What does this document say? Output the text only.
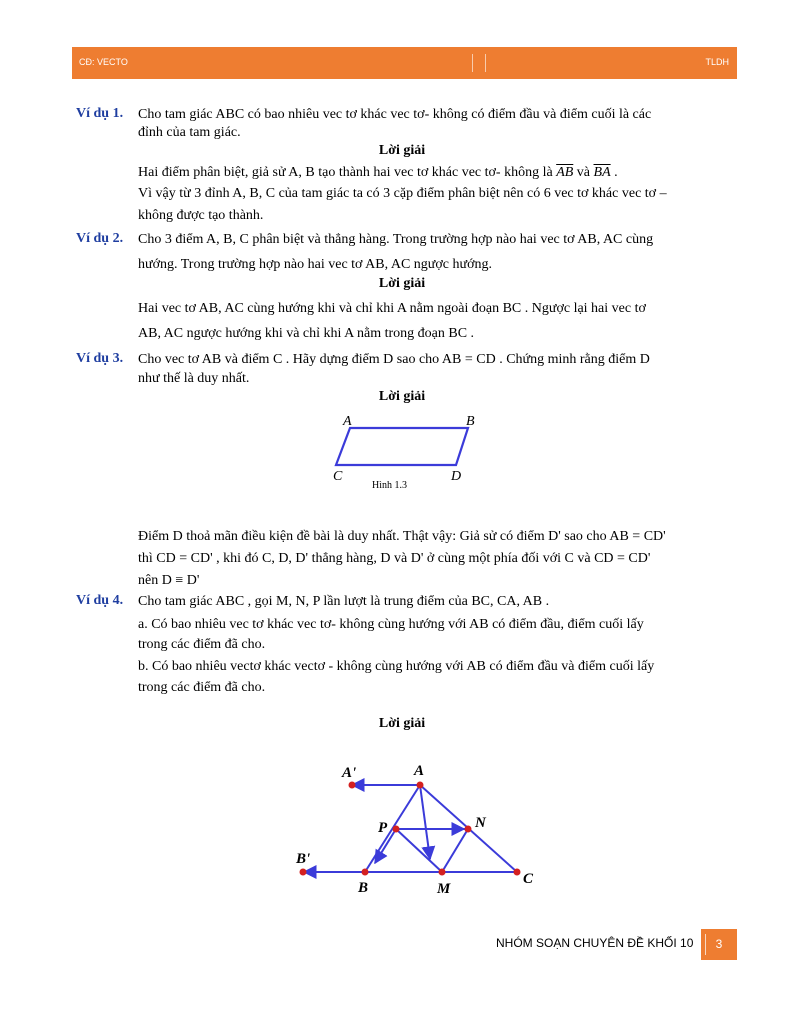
CĐ: VECTO	TLDH
Ví dụ 1. Cho tam giác ABC có bao nhiêu vec tơ khác vec tơ- không có điểm đầu và điểm cuối là các
đỉnh của tam giác.
Lời giải
Hai điểm phân biệt, giả sử A, B tạo thành hai vec tơ khác vec tơ- không là $\overline{AB}$ và $\overline{BA}$ .
Vì vậy từ 3 đỉnh A, B, C của tam giác ta có 3 cặp điểm phân biệt nên có 6 vec tơ khác vec tơ –
không được tạo thành.
Ví dụ 2. Cho 3 điểm A, B, C phân biệt và thẳng hàng. Trong trường hợp nào hai vec tơ AB, AC cùng
hướng. Trong trường hợp nào hai vec tơ AB, AC ngược hướng.
Lời giải
Hai vec tơ AB, AC cùng hướng khi và chỉ khi A nằm ngoài đoạn BC . Ngược lại hai vec tơ
AB, AC ngược hướng khi và chỉ khi A nằm trong đoạn BC .
Ví dụ 3. Cho vec tơ AB và điểm C . Hãy dựng điểm D sao cho AB = CD . Chứng minh rằng điểm D
như thế là duy nhất.
Lời giải
A	B
C	D
Hình 1.3
Điểm D thoả mãn điều kiện đề bài là duy nhất. Thật vậy: Giả sử có điểm D' sao cho AB = CD'
thì CD = CD' , khi đó C, D, D' thẳng hàng, D và D' ở cùng một phía đối với C và CD = CD'
nên D ≡ D'
Ví dụ 4. Cho tam giác ABC , gọi M, N, P lần lượt là trung điểm của BC, CA, AB .
a. Có bao nhiêu vec tơ khác vec tơ- không cùng hướng với AB có điểm đầu, điểm cuối lấy
trong các điểm đã cho.
b. Có bao nhiêu vectơ khác vectơ - không cùng hướng với AB có điểm đầu và điểm cuối lấy
trong các điểm đã cho.
Lời giải
A'	A
P	N
B'
B	M
C
NHÓM SOẠN CHUYÊN ĐỀ KHỐI 10	3
